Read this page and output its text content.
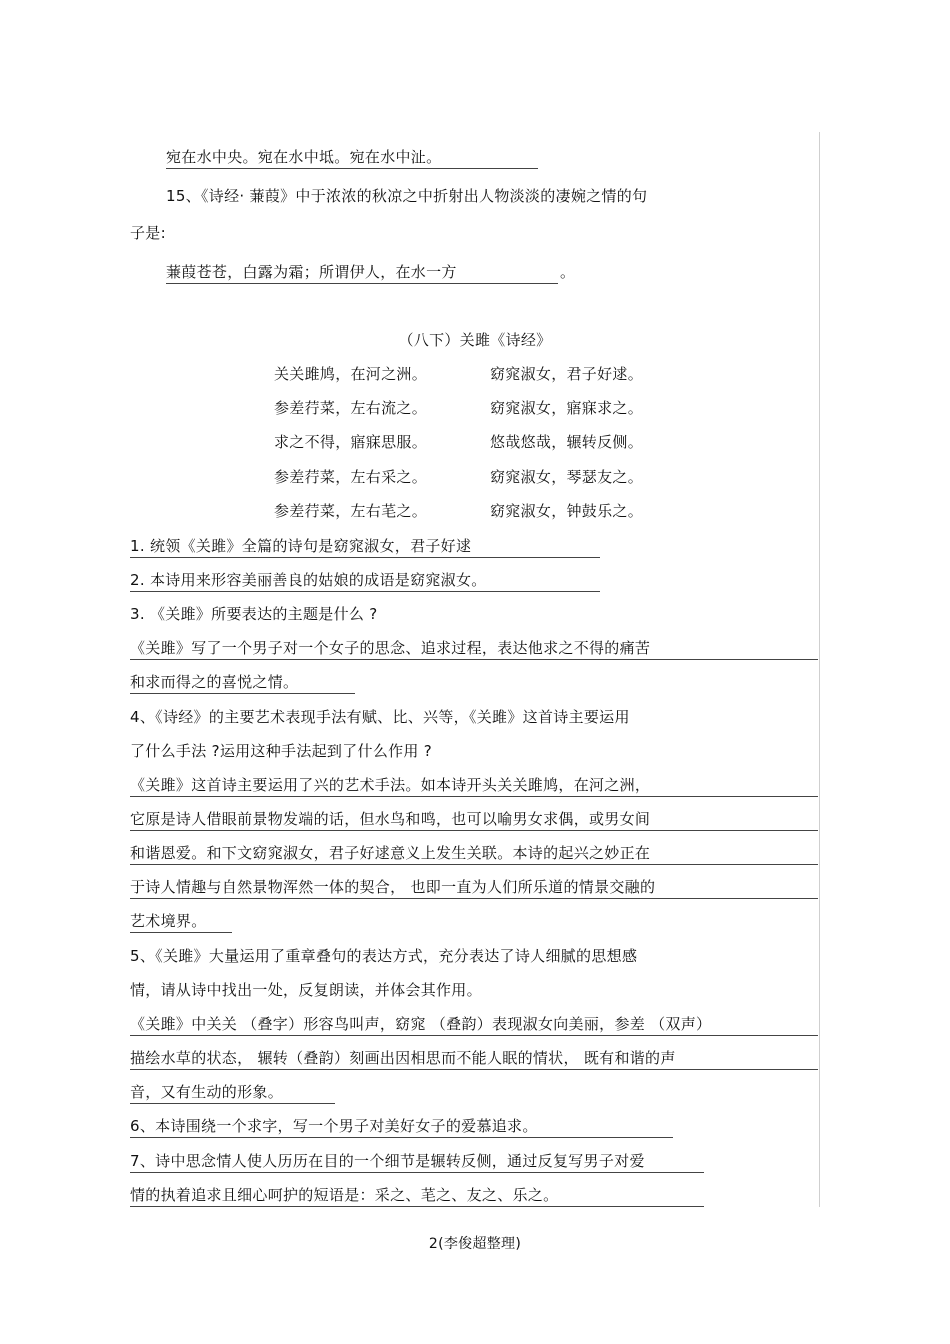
宛在水中央。宛在水中坻。宛在水中沚。
15、《诗经· 蒹葭》中于浓浓的秋凉之中折射出人物淡淡的凄婉之情的句
子是:
蒹葭苍苍，白露为霜；所谓伊人，在水一方	。
（八下）关雎《诗经》
关关雎鸠，在河之洲。	窈窕淑女，君子好逑。
参差荇菜，左右流之。	窈窕淑女，寤寐求之。
求之不得，寤寐思服。	悠哉悠哉，辗转反侧。
参差荇菜，左右采之。	窈窕淑女，琴瑟友之。
参差荇菜，左右芼之。	窈窕淑女，钟鼓乐之。
1. 统领《关雎》全篇的诗句是窈窕淑女，君子好逑
2. 本诗用来形容美丽善良的姑娘的成语是窈窕淑女。
3. 《关雎》所要表达的主题是什么 ?
《关雎》写了一个男子对一个女子的思念、追求过程，表达他求之不得的痛苦
和求而得之的喜悦之情。
4、《诗经》的主要艺术表现手法有赋、比、兴等，《关雎》这首诗主要运用
了什么手法 ?运用这种手法起到了什么作用 ?
《关雎》这首诗主要运用了兴的艺术手法。如本诗开头关关雎鸠，在河之洲，
它原是诗人借眼前景物发端的话，但水鸟和鸣，也可以喻男女求偶，或男女间
和谐恩爱。和下文窈窕淑女，君子好逑意义上发生关联。本诗的起兴之妙正在
于诗人情趣与自然景物浑然一体的契合， 也即一直为人们所乐道的情景交融的
艺术境界。
5、《关雎》大量运用了重章叠句的表达方式，充分表达了诗人细腻的思想感
情，请从诗中找出一处，反复朗读，并体会其作用。
《关雎》中关关 （叠字）形容鸟叫声，窈窕 （叠韵）表现淑女向美丽，参差 （双声）
描绘水草的状态， 辗转（叠韵）刻画出因相思而不能人眠的情状， 既有和谐的声
音，又有生动的形象。
6、本诗围绕一个求字，写一个男子对美好女子的爱慕追求。
7、诗中思念情人使人历历在目的一个细节是辗转反侧，通过反复写男子对爱
情的执着追求且细心呵护的短语是：采之、芼之、友之、乐之。
2(李俊超整理)
